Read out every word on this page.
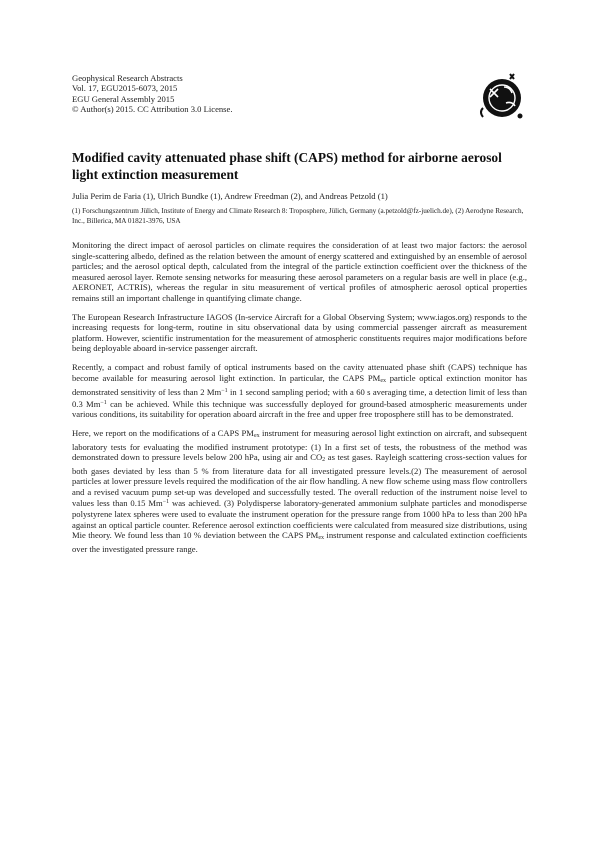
Geophysical Research Abstracts
Vol. 17, EGU2015-6073, 2015
EGU General Assembly 2015
© Author(s) 2015. CC Attribution 3.0 License.
EGU
Modified cavity attenuated phase shift (CAPS) method for airborne aerosol light extinction measurement
Julia Perim de Faria (1), Ulrich Bundke (1), Andrew Freedman (2), and Andreas Petzold (1)
(1) Forschungszentrum Jülich, Institute of Energy and Climate Research 8: Troposphere, Jülich, Germany (a.petzold@fz-juelich.de), (2) Aerodyne Research, Inc., Billerica, MA 01821-3976, USA

Monitoring the direct impact of aerosol particles on climate requires the consideration of at least two major factors: the aerosol single-scattering albedo, defined as the relation between the amount of energy scattered and extinguished by an ensemble of aerosol particles; and the aerosol optical depth, calculated from the integral of the particle extinction coefficient over the thickness of the measured aerosol layer. Remote sensing networks for measuring these aerosol parameters on a regular basis are well in place (e.g., AERONET, ACTRIS), whereas the regular in situ measurement of vertical profiles of atmospheric aerosol optical properties remains still an important challenge in quantifying climate change.

The European Research Infrastructure IAGOS (In-service Aircraft for a Global Observing System; www.iagos.org) responds to the increasing requests for long-term, routine in situ observational data by using commercial passenger aircraft as measurement platform. However, scientific instrumentation for the measurement of atmospheric constituents requires major modifications before being deployable aboard in-service passenger aircraft.

Recently, a compact and robust family of optical instruments based on the cavity attenuated phase shift (CAPS) technique has become available for measuring aerosol light extinction. In particular, the CAPS PMex particle optical extinction monitor has demonstrated sensitivity of less than 2 $Mm^{-1}$ in 1 second sampling period; with a 60 s averaging time, a detection limit of less than 0.3 $Mm^{-1}$ can be achieved. While this technique was successfully deployed for ground-based atmospheric measurements under various conditions, its suitability for operation aboard aircraft in the free and upper free troposphere still has to be demonstrated.

Here, we report on the modifications of a CAPS PMex instrument for measuring aerosol light extinction on aircraft, and subsequent laboratory tests for evaluating the modified instrument prototype: (1) In a first set of tests, the robustness of the method was demonstrated down to pressure levels below 200 hPa, using air and CO2 as test gases. Rayleigh scattering cross-section values for both gases deviated by less than 5 % from literature data for all investigated pressure levels.(2) The measurement of aerosol particles at lower pressure levels required the modification of the air flow handling. A new flow scheme using mass flow controllers and a revised vacuum pump set-up was developed and successfully tested. The overall reduction of the instrument noise level to values less than 0.15 $Mm^{-1}$ was achieved. (3) Polydisperse laboratory-generated ammonium sulphate particles and monodisperse polystyrene latex spheres were used to evaluate the instrument operation for the pressure range from 1000 hPa to less than 200 hPa against an optical particle counter. Reference aerosol extinction coefficients were calculated from measured size distributions, using Mie theory. We found less than 10 % deviation between the CAPS PMex instrument response and calculated extinction coefficients over the investigated pressure range.
